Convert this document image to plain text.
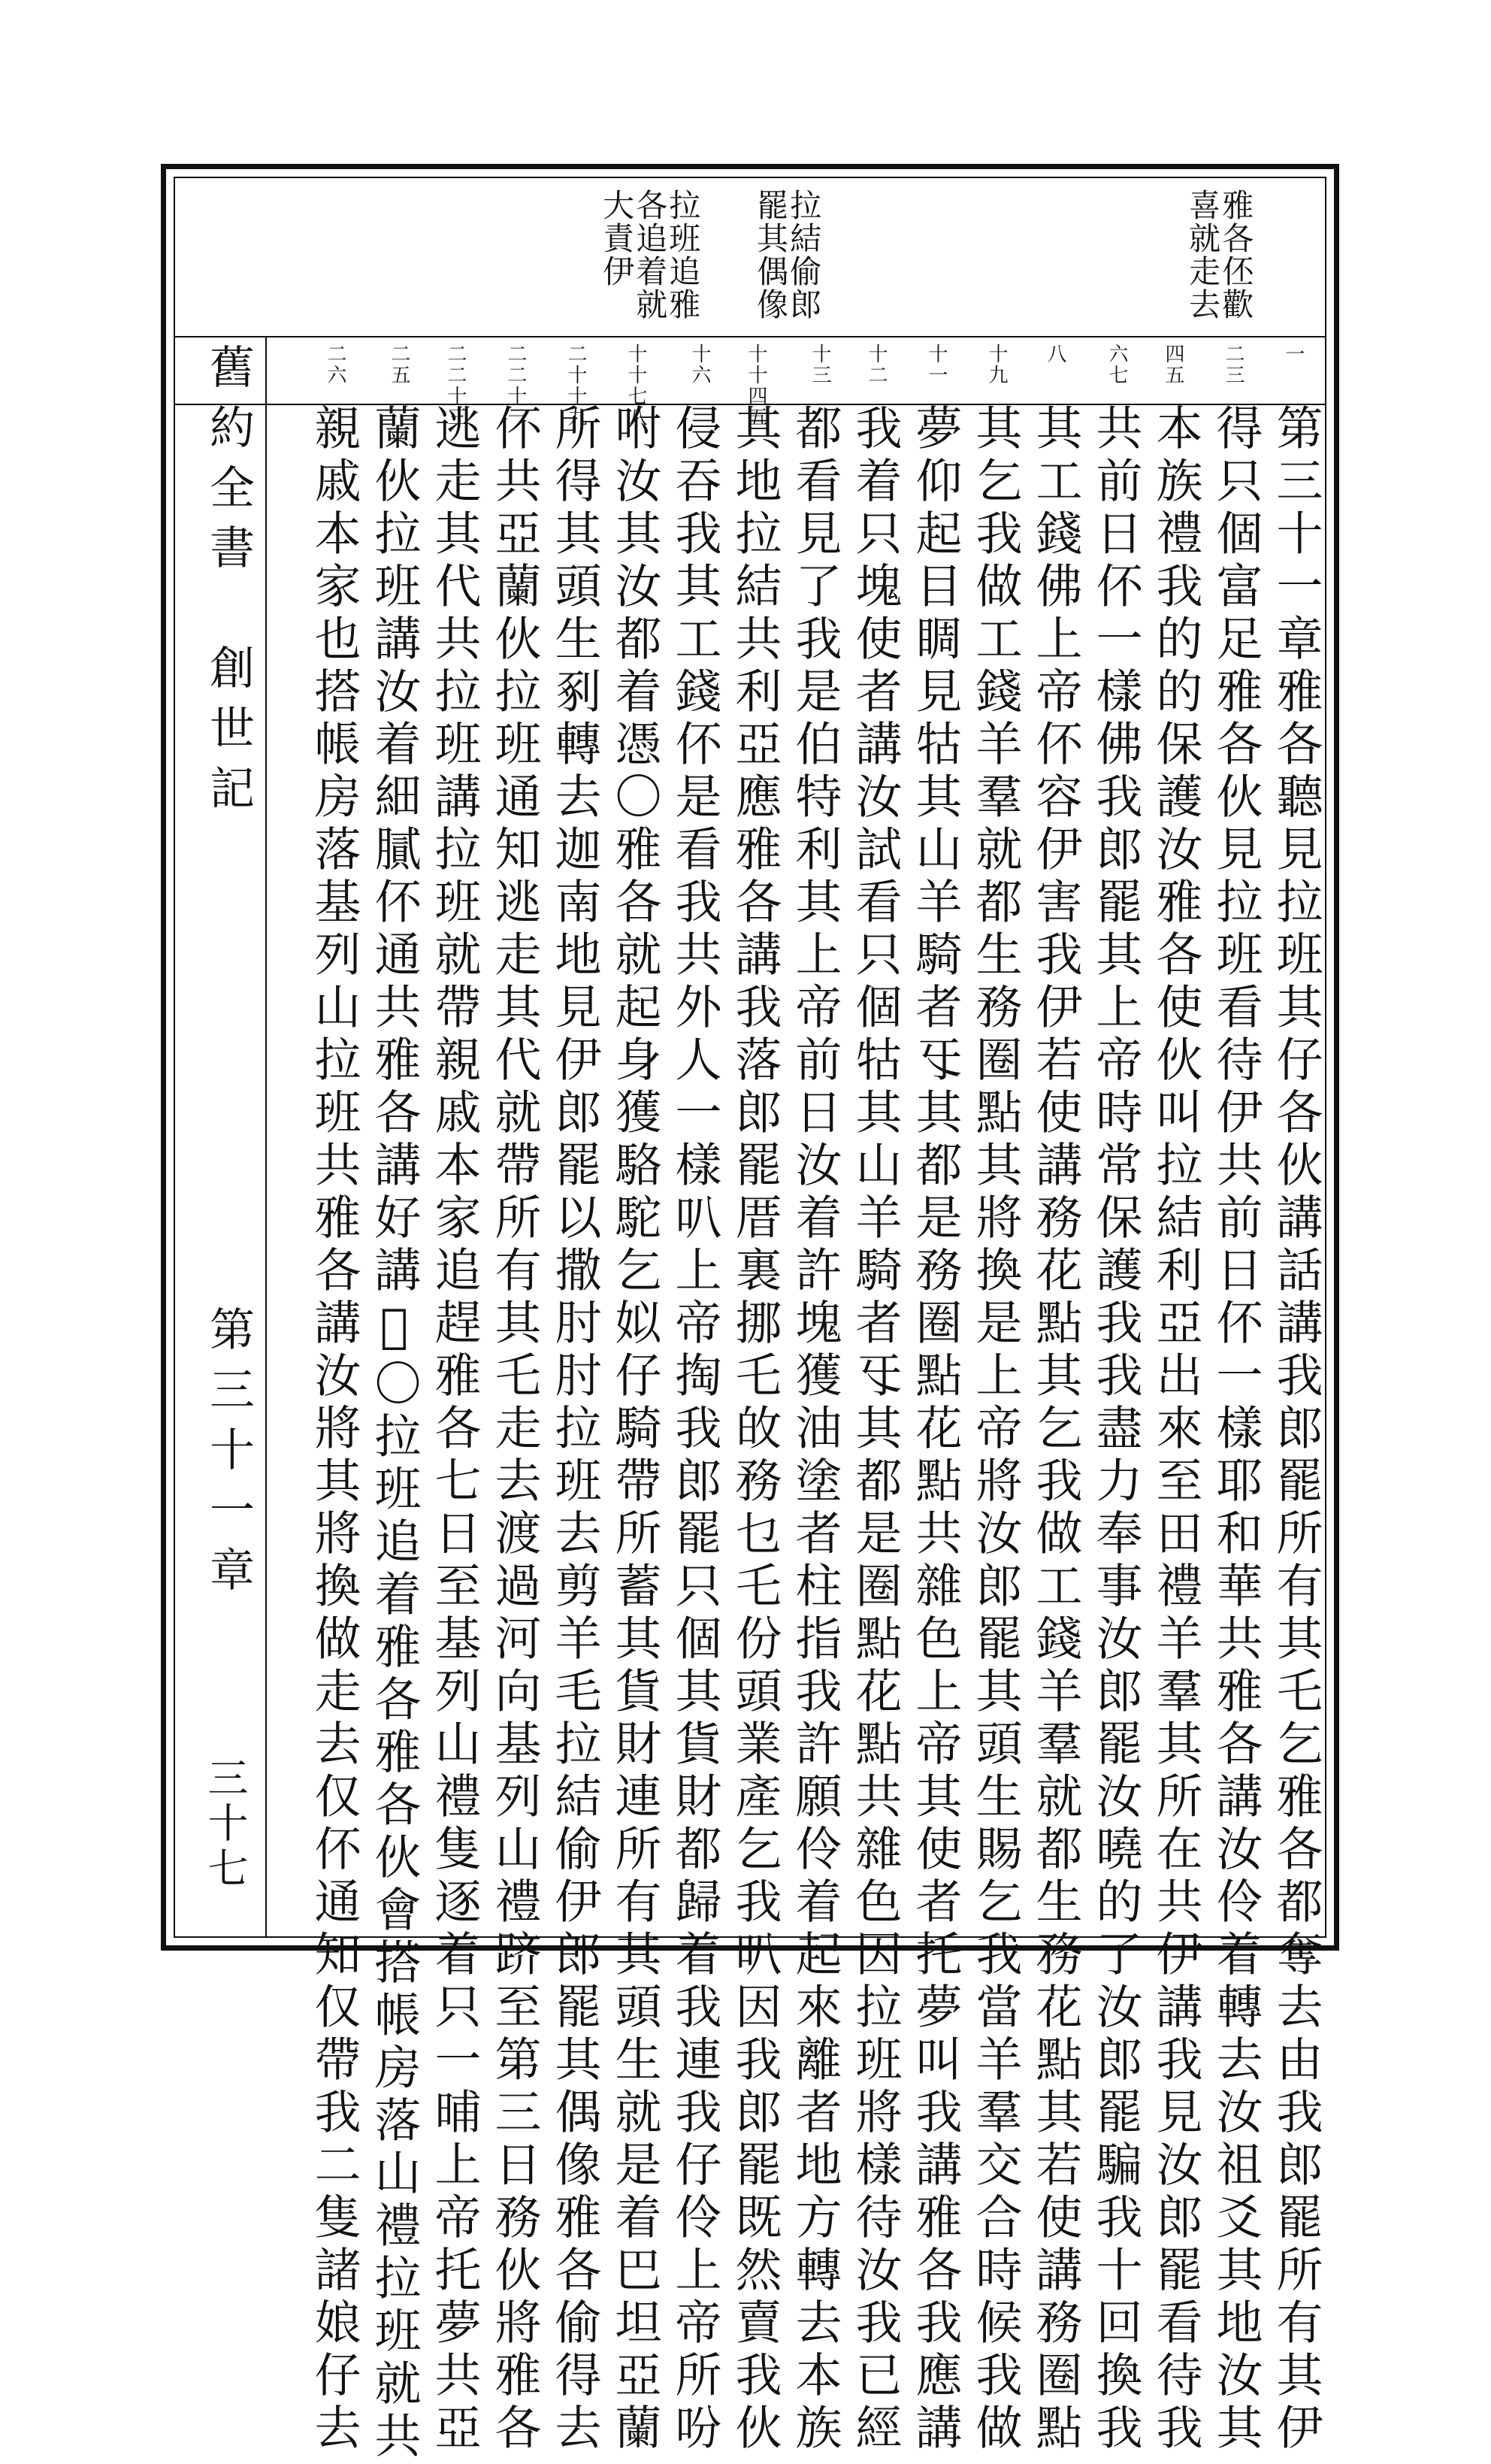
雅各伾歡
喜就走去
拉結偷郎
罷其偶像
拉班追雅
各追着就
大責伊
一
二三
四五
六七
八
十九
十一
十二
十三
十十四五
十六
十十七八
二十十九
二二十一
二二十三
二五
二六
舊約全書　創世記
第三十一章
三十七	第三十一章雅各聽見拉班其仔各伙講話講我郎罷所有其乇乞雅各都奪去由我郎罷所有其伊
得只個富足雅各伙見拉班看待伊共前日伓一樣耶和華共雅各講汝伶着轉去汝祖爻其地汝其
本族禮我的的保護汝雅各使伙叫拉結利亞出來至田禮羊羣其所在共伊講我見汝郎罷看待我
共前日伓一樣佛我郎罷其上帝時常保護我我盡力奉事汝郎罷汝曉的了汝郎罷騙我十回換我
其工錢佛上帝伓容伊害我伊若使講務花點其乞我做工錢羊羣就都生務花點其若使講務圈點
其乞我做工錢羊羣就都生務圈點其將換是上帝將汝郎罷其頭生賜乞我當羊羣交合時候我做
夢仰起目睭見牯其山羊騎者㸦其都是務圈點花點共雜色上帝其使者托夢叫我講雅各我應講
我着只塊使者講汝試看只個牯其山羊騎者㸦其都是圈點花點共雜色因拉班將樣待汝我已經
都看見了我是伯特利其上帝前日汝着許塊獲油塗者柱指我許願伶着起來離者地方轉去本族
其地拉結共利亞應雅各講我落郎罷厝裏挪乇敀務乜乇份頭業產乞我叭因我郎罷既然賣我伙
侵吞我其工錢伓是看我共外人一樣叭上帝掏我郎罷只個其貨財都歸着我連我仔伶上帝所吩
咐汝其汝都着憑〇雅各就起身獲駱駝乞姒仔騎帶所蓄其貨財連所有其頭生就是着巴坦亞蘭
所得其頭生剢轉去迦南地見伊郎罷以撒肘肘拉班去剪羊毛拉結偷伊郎罷其偶像雅各偷得去
伓共亞蘭伙拉班通知逃走其代就帶所有其乇走去渡過河向基列山禮跻至第三日務伙將雅各
逃走其代共拉班講拉班就帶親戚本家追趕雅各七日至基列山禮隻逐着只一晡上帝托夢共亞
蘭伙拉班講汝着細膩伓通共雅各講好講𠅇〇拉班追着雅各雅各伙會搭帳房落山禮拉班就共
親戚本家也搭帳房落基列山拉班共雅各講汝將其將換做走去仅伓通知仅帶我二隻諸娘仔去
